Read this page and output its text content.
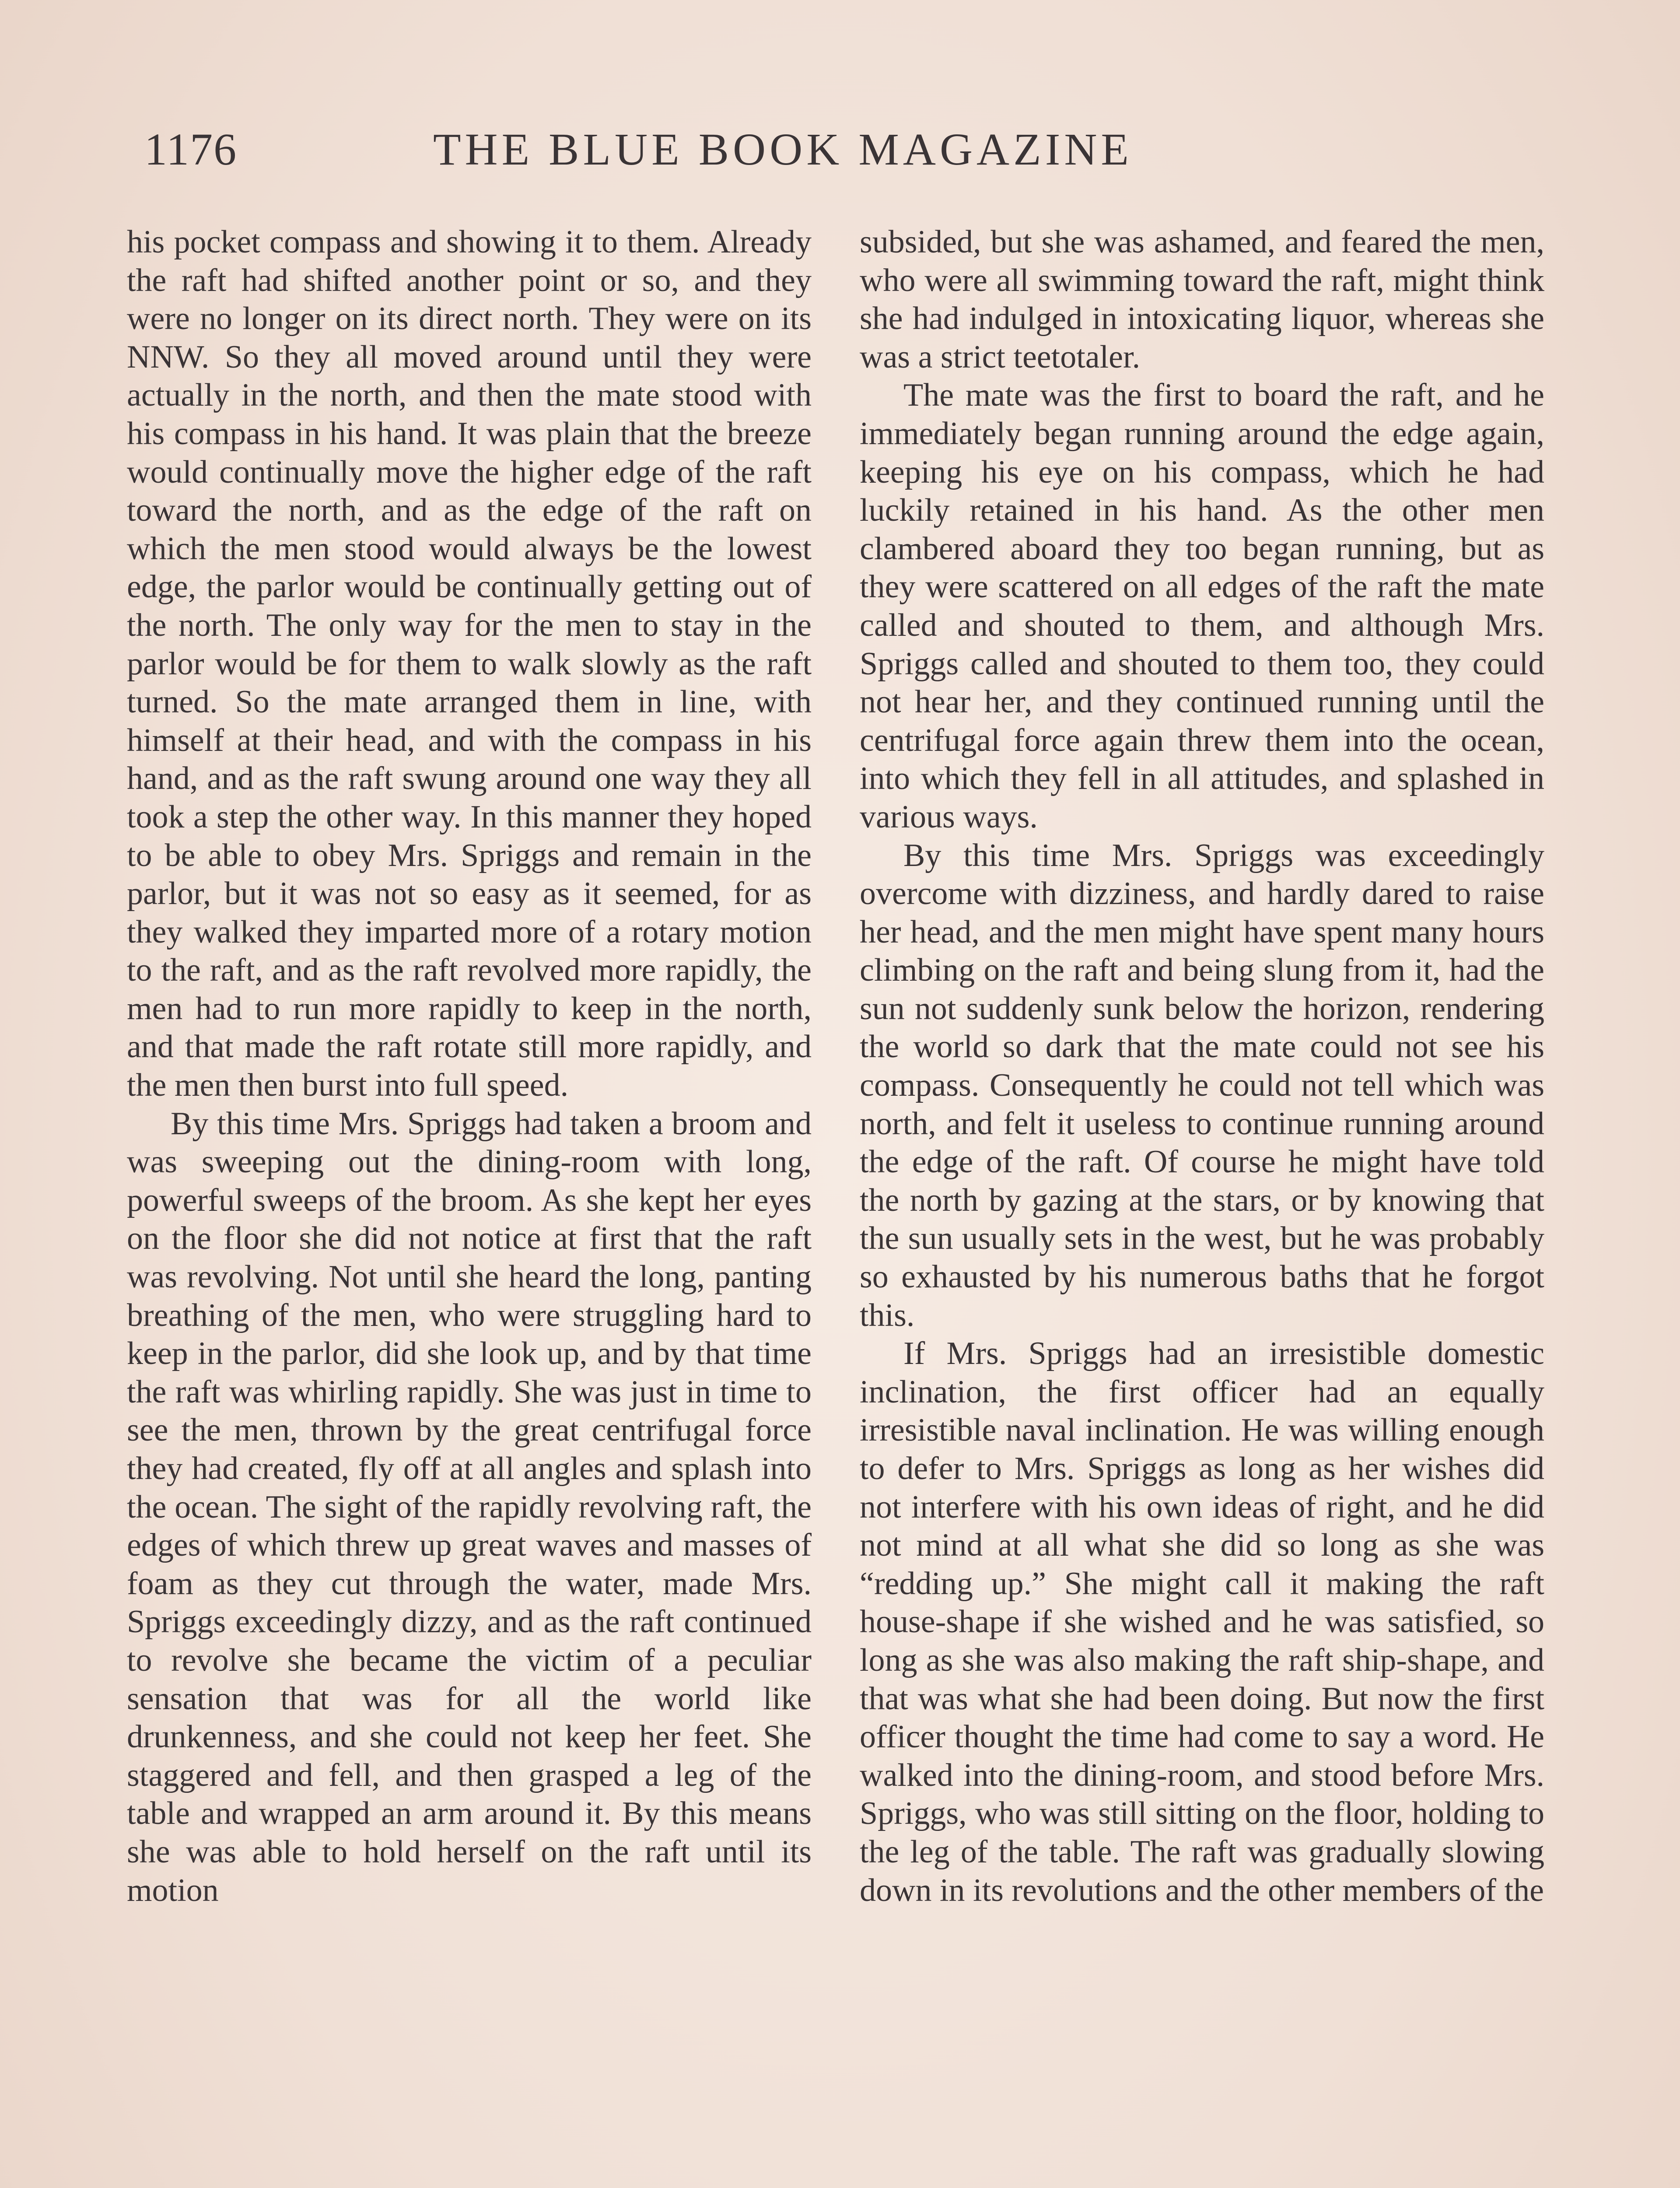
1176	THE BLUE BOOK MAGAZINE

his pocket compass and showing it to them. Already the raft had shifted another point or so, and they were no longer on its direct north. They were on its NNW. So they all moved around until they were actually in the north, and then the mate stood with his compass in his hand. It was plain that the breeze would continually move the higher edge of the raft toward the north, and as the edge of the raft on which the men stood would always be the lowest edge, the parlor would be continually getting out of the north. The only way for the men to stay in the parlor would be for them to walk slowly as the raft turned. So the mate arranged them in line, with himself at their head, and with the compass in his hand, and as the raft swung around one way they all took a step the other way. In this manner they hoped to be able to obey Mrs. Spriggs and remain in the parlor, but it was not so easy as it seemed, for as they walked they imparted more of a rotary motion to the raft, and as the raft revolved more rapidly, the men had to run more rapidly to keep in the north, and that made the raft rotate still more rapidly, and the men then burst into full speed.

By this time Mrs. Spriggs had taken a broom and was sweeping out the dining-room with long, powerful sweeps of the broom. As she kept her eyes on the floor she did not notice at first that the raft was revolving. Not until she heard the long, panting breathing of the men, who were struggling hard to keep in the parlor, did she look up, and by that time the raft was whirling rapidly. She was just in time to see the men, thrown by the great centrifugal force they had created, fly off at all angles and splash into the ocean. The sight of the rapidly revolving raft, the edges of which threw up great waves and masses of foam as they cut through the water, made Mrs. Spriggs exceedingly dizzy, and as the raft continued to revolve she became the victim of a peculiar sensation that was for all the world like drunkenness, and she could not keep her feet. She staggered and fell, and then grasped a leg of the table and wrapped an arm around it. By this means she was able to hold herself on the raft until its motion

subsided, but she was ashamed, and feared the men, who were all swimming toward the raft, might think she had indulged in intoxicating liquor, whereas she was a strict teetotaler.

The mate was the first to board the raft, and he immediately began running around the edge again, keeping his eye on his compass, which he had luckily retained in his hand. As the other men clambered aboard they too began running, but as they were scattered on all edges of the raft the mate called and shouted to them, and although Mrs. Spriggs called and shouted to them too, they could not hear her, and they continued running until the centrifugal force again threw them into the ocean, into which they fell in all attitudes, and splashed in various ways.

By this time Mrs. Spriggs was exceedingly overcome with dizziness, and hardly dared to raise her head, and the men might have spent many hours climbing on the raft and being slung from it, had the sun not suddenly sunk below the horizon, rendering the world so dark that the mate could not see his compass. Consequently he could not tell which was north, and felt it useless to continue running around the edge of the raft. Of course he might have told the north by gazing at the stars, or by knowing that the sun usually sets in the west, but he was probably so exhausted by his numerous baths that he forgot this.

If Mrs. Spriggs had an irresistible domestic inclination, the first officer had an equally irresistible naval inclination. He was willing enough to defer to Mrs. Spriggs as long as her wishes did not interfere with his own ideas of right, and he did not mind at all what she did so long as she was “redding up.” She might call it making the raft house-shape if she wished and he was satisfied, so long as she was also making the raft ship-shape, and that was what she had been doing. But now the first officer thought the time had come to say a word. He walked into the dining-room, and stood before Mrs. Spriggs, who was still sitting on the floor, holding to the leg of the table. The raft was gradually slowing down in its revolutions and the other members of the
